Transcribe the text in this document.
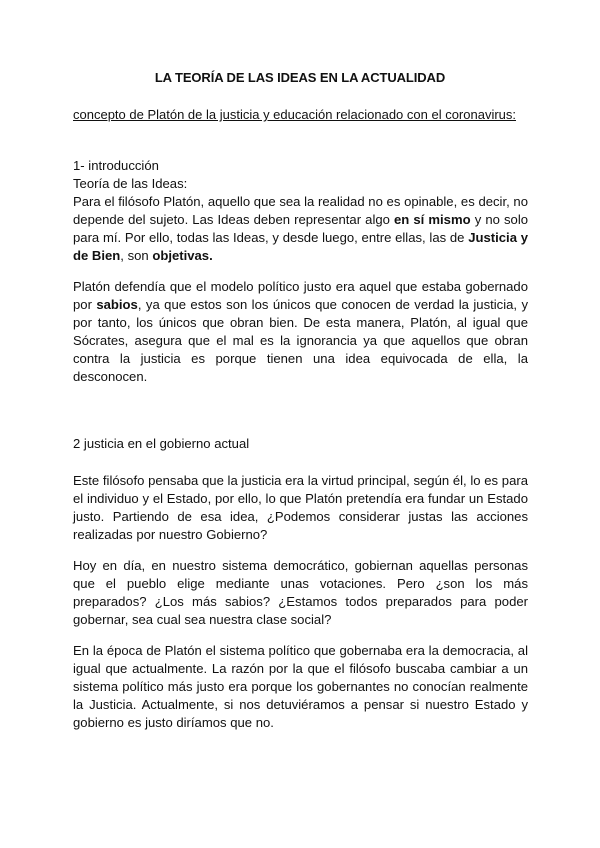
LA TEORÍA DE LAS IDEAS EN LA ACTUALIDAD
concepto de Platón de la justicia y educación relacionado con el coronavirus:
1- introducción
Teoría de las Ideas:
Para el filósofo Platón, aquello que sea la realidad no es opinable, es decir, no depende del sujeto. Las Ideas deben representar algo en sí mismo y no solo para mí. Por ello, todas las Ideas, y desde luego, entre ellas, las de Justicia y de Bien, son objetivas.
Platón defendía que el modelo político justo era aquel que estaba gobernado por sabios, ya que estos son los únicos que conocen de verdad la justicia, y por tanto, los únicos que obran bien. De esta manera, Platón, al igual que Sócrates, asegura que el mal es la ignorancia ya que aquellos que obran contra la justicia es porque tienen una idea equivocada de ella, la desconocen.
2 justicia en el gobierno actual
Este filósofo pensaba que la justicia era la virtud principal, según él, lo es para el individuo y el Estado, por ello, lo que Platón pretendía era fundar un Estado justo. Partiendo de esa idea, ¿Podemos considerar justas las acciones realizadas por nuestro Gobierno?
Hoy en día, en nuestro sistema democrático, gobiernan aquellas personas que el pueblo elige mediante unas votaciones. Pero ¿son los más preparados? ¿Los más sabios? ¿Estamos todos preparados para poder gobernar, sea cual sea nuestra clase social?
En la época de Platón el sistema político que gobernaba era la democracia, al igual que actualmente. La razón por la que el filósofo buscaba cambiar a un sistema político más justo era porque los gobernantes no conocían realmente la Justicia. Actualmente, si nos detuviéramos a pensar si nuestro Estado y gobierno es justo diríamos que no.
